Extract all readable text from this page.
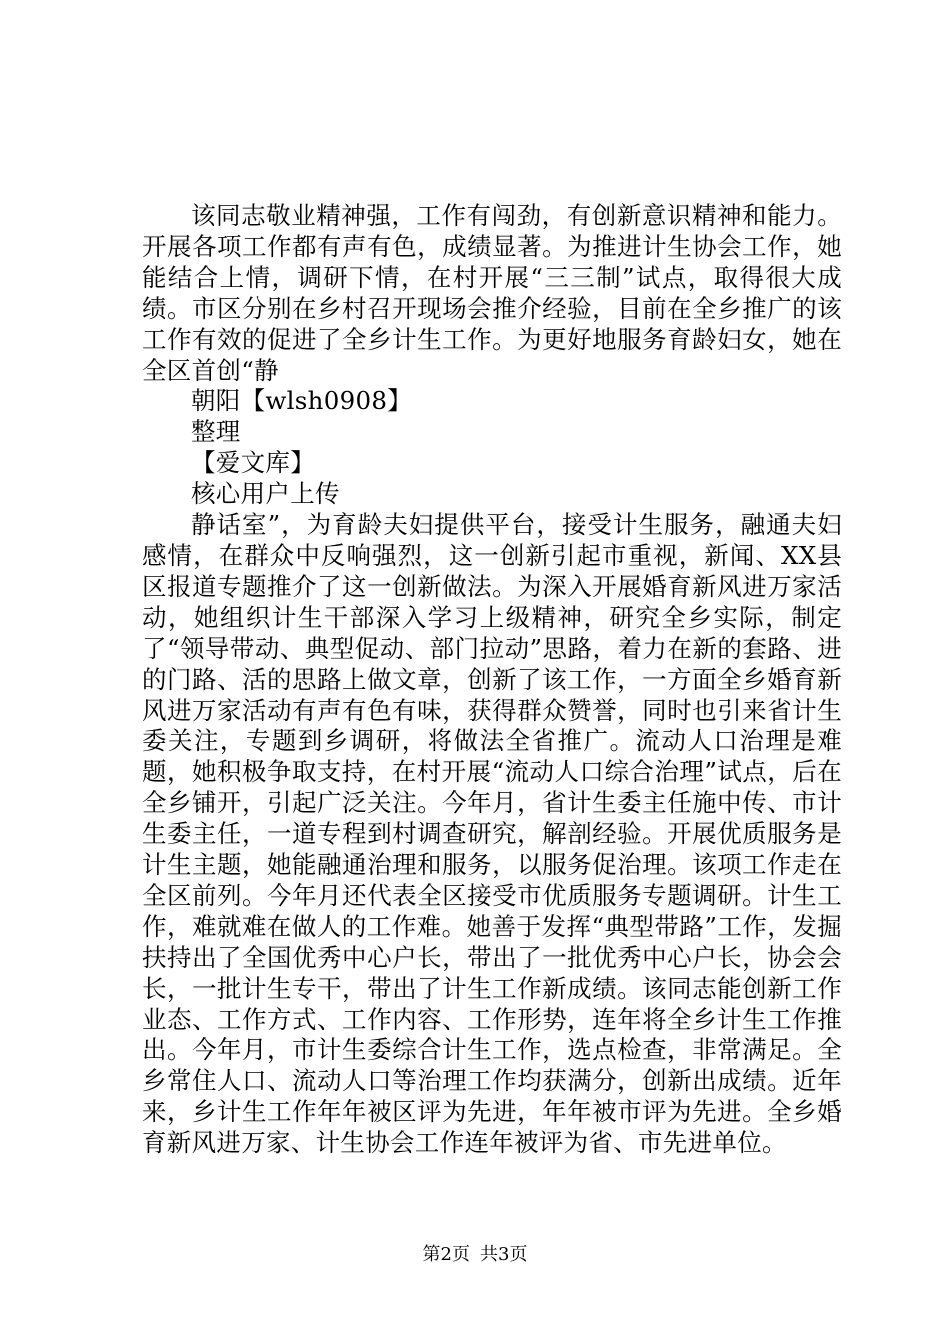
该同志敬业精神强，工作有闯劲，有创新意识精神和能力。开展各项工作都有声有色，成绩显著。为推进计生协会工作，她能结合上情，调研下情，在村开展“三三制”试点，取得很大成绩。市区分别在乡村召开现场会推介经验，目前在全乡推广的该工作有效的促进了全乡计生工作。为更好地服务育龄妇女，她在全区首创“静

朝阳【wlsh0908】
整理
【爱文库】
核心用户上传

静话室”，为育龄夫妇提供平台，接受计生服务，融通夫妇感情，在群众中反响强烈，这一创新引起市重视，新闻、XX县区报道专题推介了这一创新做法。为深入开展婚育新风进万家活动，她组织计生干部深入学习上级精神，研究全乡实际，制定了“领导带动、典型促动、部门拉动”思路，着力在新的套路、进的门路、活的思路上做文章，创新了该工作，一方面全乡婚育新风进万家活动有声有色有味，获得群众赞誉，同时也引来省计生委关注，专题到乡调研，将做法全省推广。流动人口治理是难题，她积极争取支持，在村开展“流动人口综合治理”试点，后在全乡铺开，引起广泛关注。今年月，省计生委主任施中传、市计生委主任，一道专程到村调查研究，解剖经验。开展优质服务是计生主题，她能融通治理和服务，以服务促治理。该项工作走在全区前列。今年月还代表全区接受市优质服务专题调研。计生工作，难就难在做人的工作难。她善于发挥“典型带路”工作，发掘扶持出了全国优秀中心户长，带出了一批优秀中心户长，协会会长，一批计生专干，带出了计生工作新成绩。该同志能创新工作业态、工作方式、工作内容、工作形势，连年将全乡计生工作推出。今年月，市计生委综合计生工作，选点检查，非常满足。全乡常住人口、流动人口等治理工作均获满分，创新出成绩。近年来，乡计生工作年年被区评为先进，年年被市评为先进。全乡婚育新风进万家、计生协会工作连年被评为省、市先进单位。

第2页 共3页
